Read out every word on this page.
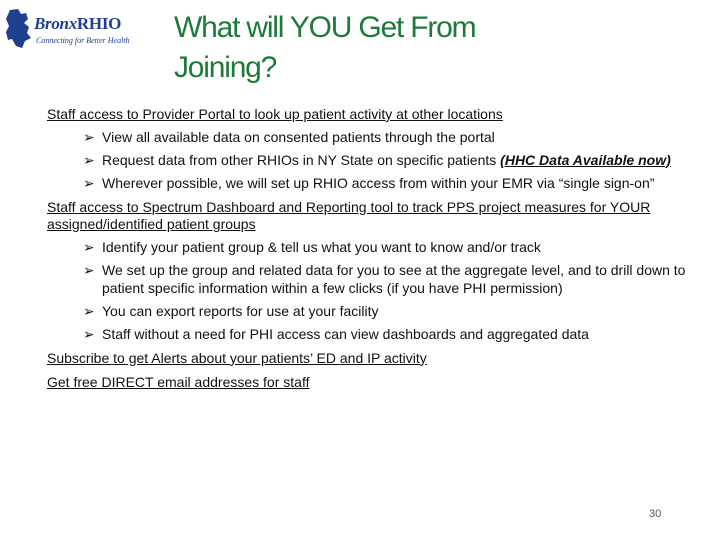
BronxRHIO
Connecting for Better Health What will YOU Get From
Joining?
Staff access to Provider Portal to look up patient activity at other locations
➢ View all available data on consented patients through the portal
➢ Request data from other RHIOs in NY State on specific patients (HHC Data Available now)
➢ Wherever possible, we will set up RHIO access from within your EMR via “single sign-on”
Staff access to Spectrum Dashboard and Reporting tool to track PPS project measures for YOUR assigned/identified patient groups
➢ Identify your patient group & tell us what you want to know and/or track
➢ We set up the group and related data for you to see at the aggregate level, and to drill down to patient specific information within a few clicks (if you have PHI permission)
➢ You can export reports for use at your facility
➢ Staff without a need for PHI access can view dashboards and aggregated data
Subscribe to get Alerts about your patients’ ED and IP activity
Get free DIRECT email addresses for staff
30
